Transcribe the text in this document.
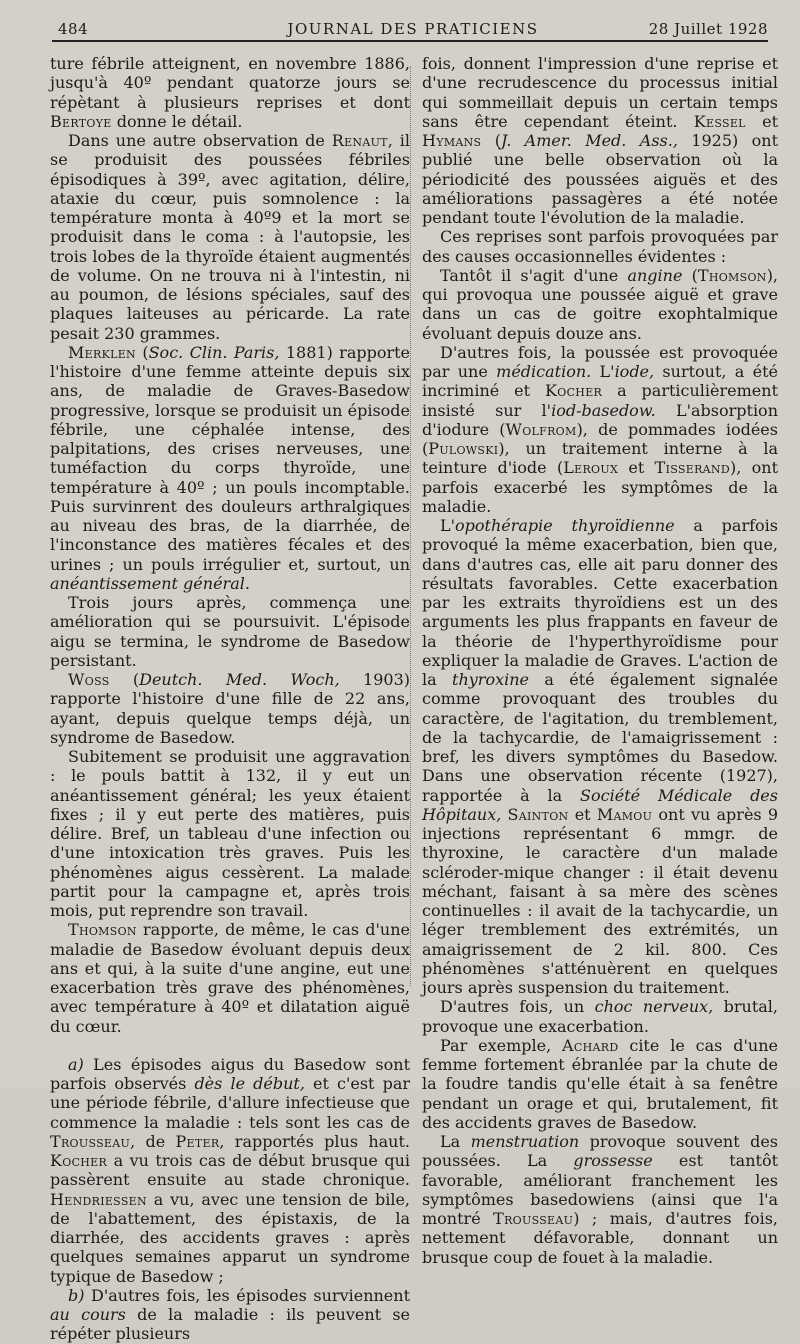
484	JOURNAL DES PRATICIENS	28 Juillet 1928

ture fébrile atteignent, en novembre 1886, jusqu'à 40º pendant quatorze jours se répètant à plusieurs reprises et dont Bertoye donne le détail.

Dans une autre observation de Renaut, il se produisit des poussées fébriles épisodiques à 39º, avec agitation, délire, ataxie du cœur, puis somnolence : la température monta à 40º9 et la mort se produisit dans le coma : à l'autopsie, les trois lobes de la thyroïde étaient augmentés de volume. On ne trouva ni à l'intestin, ni au poumon, de lésions spéciales, sauf des plaques laiteuses au péricarde. La rate pesait 230 grammes.

Merklen (Soc. Clin. Paris, 1881) rapporte l'histoire d'une femme atteinte depuis six ans, de maladie de Graves-Basedow progressive, lorsque se produisit un épisode fébrile, une céphalée intense, des palpitations, des crises nerveuses, une tuméfaction du corps thyroïde, une température à 40º ; un pouls incomptable. Puis survinrent des douleurs arthralgiques au niveau des bras, de la diarrhée, de l'inconstance des matières fécales et des urines ; un pouls irrégulier et, surtout, un anéantissement général.

Trois jours après, commença une amélioration qui se poursuivit. L'épisode aigu se termina, le syndrome de Basedow persistant.

Woss (Deutch. Med. Woch, 1903) rapporte l'histoire d'une fille de 22 ans, ayant, depuis quelque temps déjà, un syndrome de Basedow.

Subitement se produisit une aggravation : le pouls battit à 132, il y eut un anéantissement général; les yeux étaient fixes ; il y eut perte des matières, puis délire. Bref, un tableau d'une infection ou d'une intoxication très graves. Puis les phénomènes aigus cessèrent. La malade partit pour la campagne et, après trois mois, put reprendre son travail.

Thomson rapporte, de même, le cas d'une maladie de Basedow évoluant depuis deux ans et qui, à la suite d'une angine, eut une exacerbation très grave des phénomènes, avec température à 40º et dilatation aiguë du cœur.

a) Les épisodes aigus du Basedow sont parfois observés dès le début, et c'est par une période fébrile, d'allure infectieuse que commence la maladie : tels sont les cas de Trousseau, de Peter, rapportés plus haut. Kocher a vu trois cas de début brusque qui passèrent ensuite au stade chronique. Hendriessen a vu, avec une tension de bile, de l'abattement, des épistaxis, de la diarrhée, des accidents graves : après quelques semaines apparut un syndrome typique de Basedow ;

b) D'autres fois, les épisodes surviennent au cours de la maladie : ils peuvent se répéter plusieurs

fois, donnent l'impression d'une reprise et d'une recrudescence du processus initial qui sommeillait depuis un certain temps sans être cependant éteint. Kessel et Hymans (J. Amer. Med. Ass., 1925) ont publié une belle observation où la périodicité des poussées aiguës et des améliorations passagères a été notée pendant toute l'évolution de la maladie.

Ces reprises sont parfois provoquées par des causes occasionnelles évidentes :

Tantôt il s'agit d'une angine (Thomson), qui provoqua une poussée aiguë et grave dans un cas de goitre exophtalmique évoluant depuis douze ans.

D'autres fois, la poussée est provoquée par une médication. L'iode, surtout, a été incriminé et Kocher a particulièrement insisté sur l'iod-basedow. L'absorption d'iodure (Wolfrom), de pommades iodées (Pulowski), un traitement interne à la teinture d'iode (Leroux et Tisserand), ont parfois exacerbé les symptômes de la maladie.

L'opothérapie thyroïdienne a parfois provoqué la même exacerbation, bien que, dans d'autres cas, elle ait paru donner des résultats favorables. Cette exacerbation par les extraits thyroïdiens est un des arguments les plus frappants en faveur de la théorie de l'hyperthyroïdisme pour expliquer la maladie de Graves. L'action de la thyroxine a été également signalée comme provoquant des troubles du caractère, de l'agitation, du tremblement, de la tachycardie, de l'amaigrissement : bref, les divers symptômes du Basedow. Dans une observation récente (1927), rapportée à la Société Médicale des Hôpitaux, Sainton et Mamou ont vu après 9 injections représentant 6 mmgr. de thyroxine, le caractère d'un malade scléroder-mique changer : il était devenu méchant, faisant à sa mère des scènes continuelles : il avait de la tachycardie, un léger tremblement des extrémités, un amaigrissement de 2 kil. 800. Ces phénomènes s'atténuèrent en quelques jours après suspension du traitement.

D'autres fois, un choc nerveux, brutal, provoque une exacerbation.

Par exemple, Achard cite le cas d'une femme fortement ébranlée par la chute de la foudre tandis qu'elle était à sa fenêtre pendant un orage et qui, brutalement, fit des accidents graves de Basedow.

La menstruation provoque souvent des poussées. La grossesse est tantôt favorable, améliorant franchement les symptômes basedowiens (ainsi que l'a montré Trousseau) ; mais, d'autres fois, nettement défavorable, donnant un brusque coup de fouet à la maladie.
